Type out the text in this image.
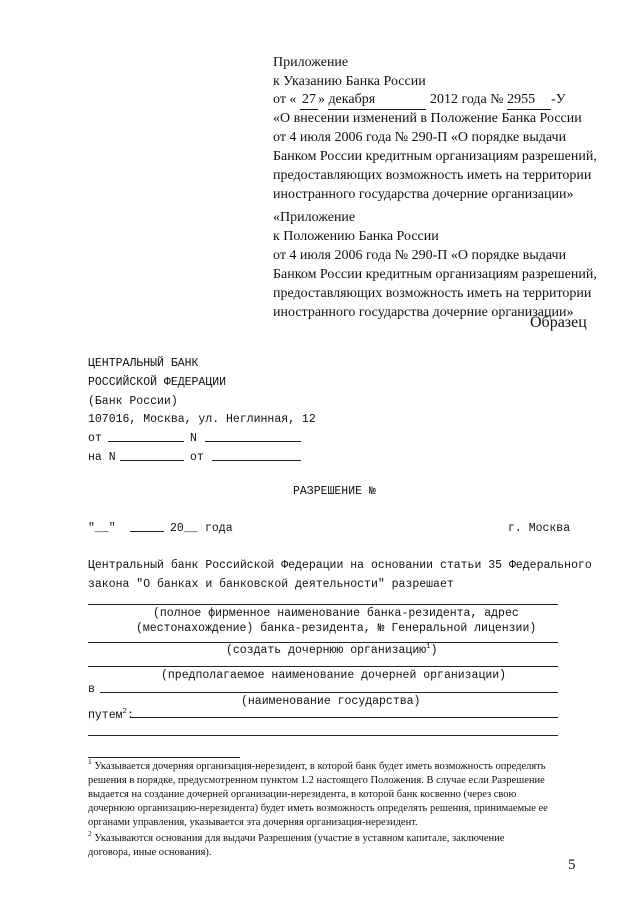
Приложение
к Указанию Банка России
от « 27 » декабря	2012 года № 2955 -У
«О внесении изменений в Положение Банка России
от 4 июля 2006 года № 290-П «О порядке выдачи
Банком России кредитным организациям разрешений,
предоставляющих возможность иметь на территории
иностранного государства дочерние организации»
«Приложение
к Положению Банка России
от 4 июля 2006 года № 290-П «О порядке выдачи
Банком России кредитным организациям разрешений,
предоставляющих возможность иметь на территории
иностранного государства дочерние организации»
Образец
ЦЕНТРАЛЬНЫЙ БАНК
РОССИЙСКОЙ ФЕДЕРАЦИИ
(Банк России)
107016, Москва, ул. Неглинная, 12
от	N
на N	от
РАЗРЕШЕНИЕ №
"__"	20__ года	г. Москва
Центральный банк Российской Федерации на основании статьи 35 Федерального
закона "О банках и банковской деятельности" разрешает
(полное фирменное наименование банка-резидента, адрес
(местонахождение) банка-резидента, № Генеральной лицензии)
(создать дочернюю организацию$^1$)
(предполагаемое наименование дочерней организации)
в
(наименование государства)
путем$^2$:
$^1$ Указывается дочерняя организация-нерезидент, в которой банк будет иметь возможность определять
решения в порядке, предусмотренном пунктом 1.2 настоящего Положения. В случае если Разрешение
выдается на создание дочерней организации-нерезидента, в которой банк косвенно (через свою
дочернюю организацию-нерезидента) будет иметь возможность определять решения, принимаемые ее
органами управления, указывается эта дочерняя организация-нерезидент.
$^2$ Указываются основания для выдачи Разрешения (участие в уставном капитале, заключение
договора, иные основания).
5
